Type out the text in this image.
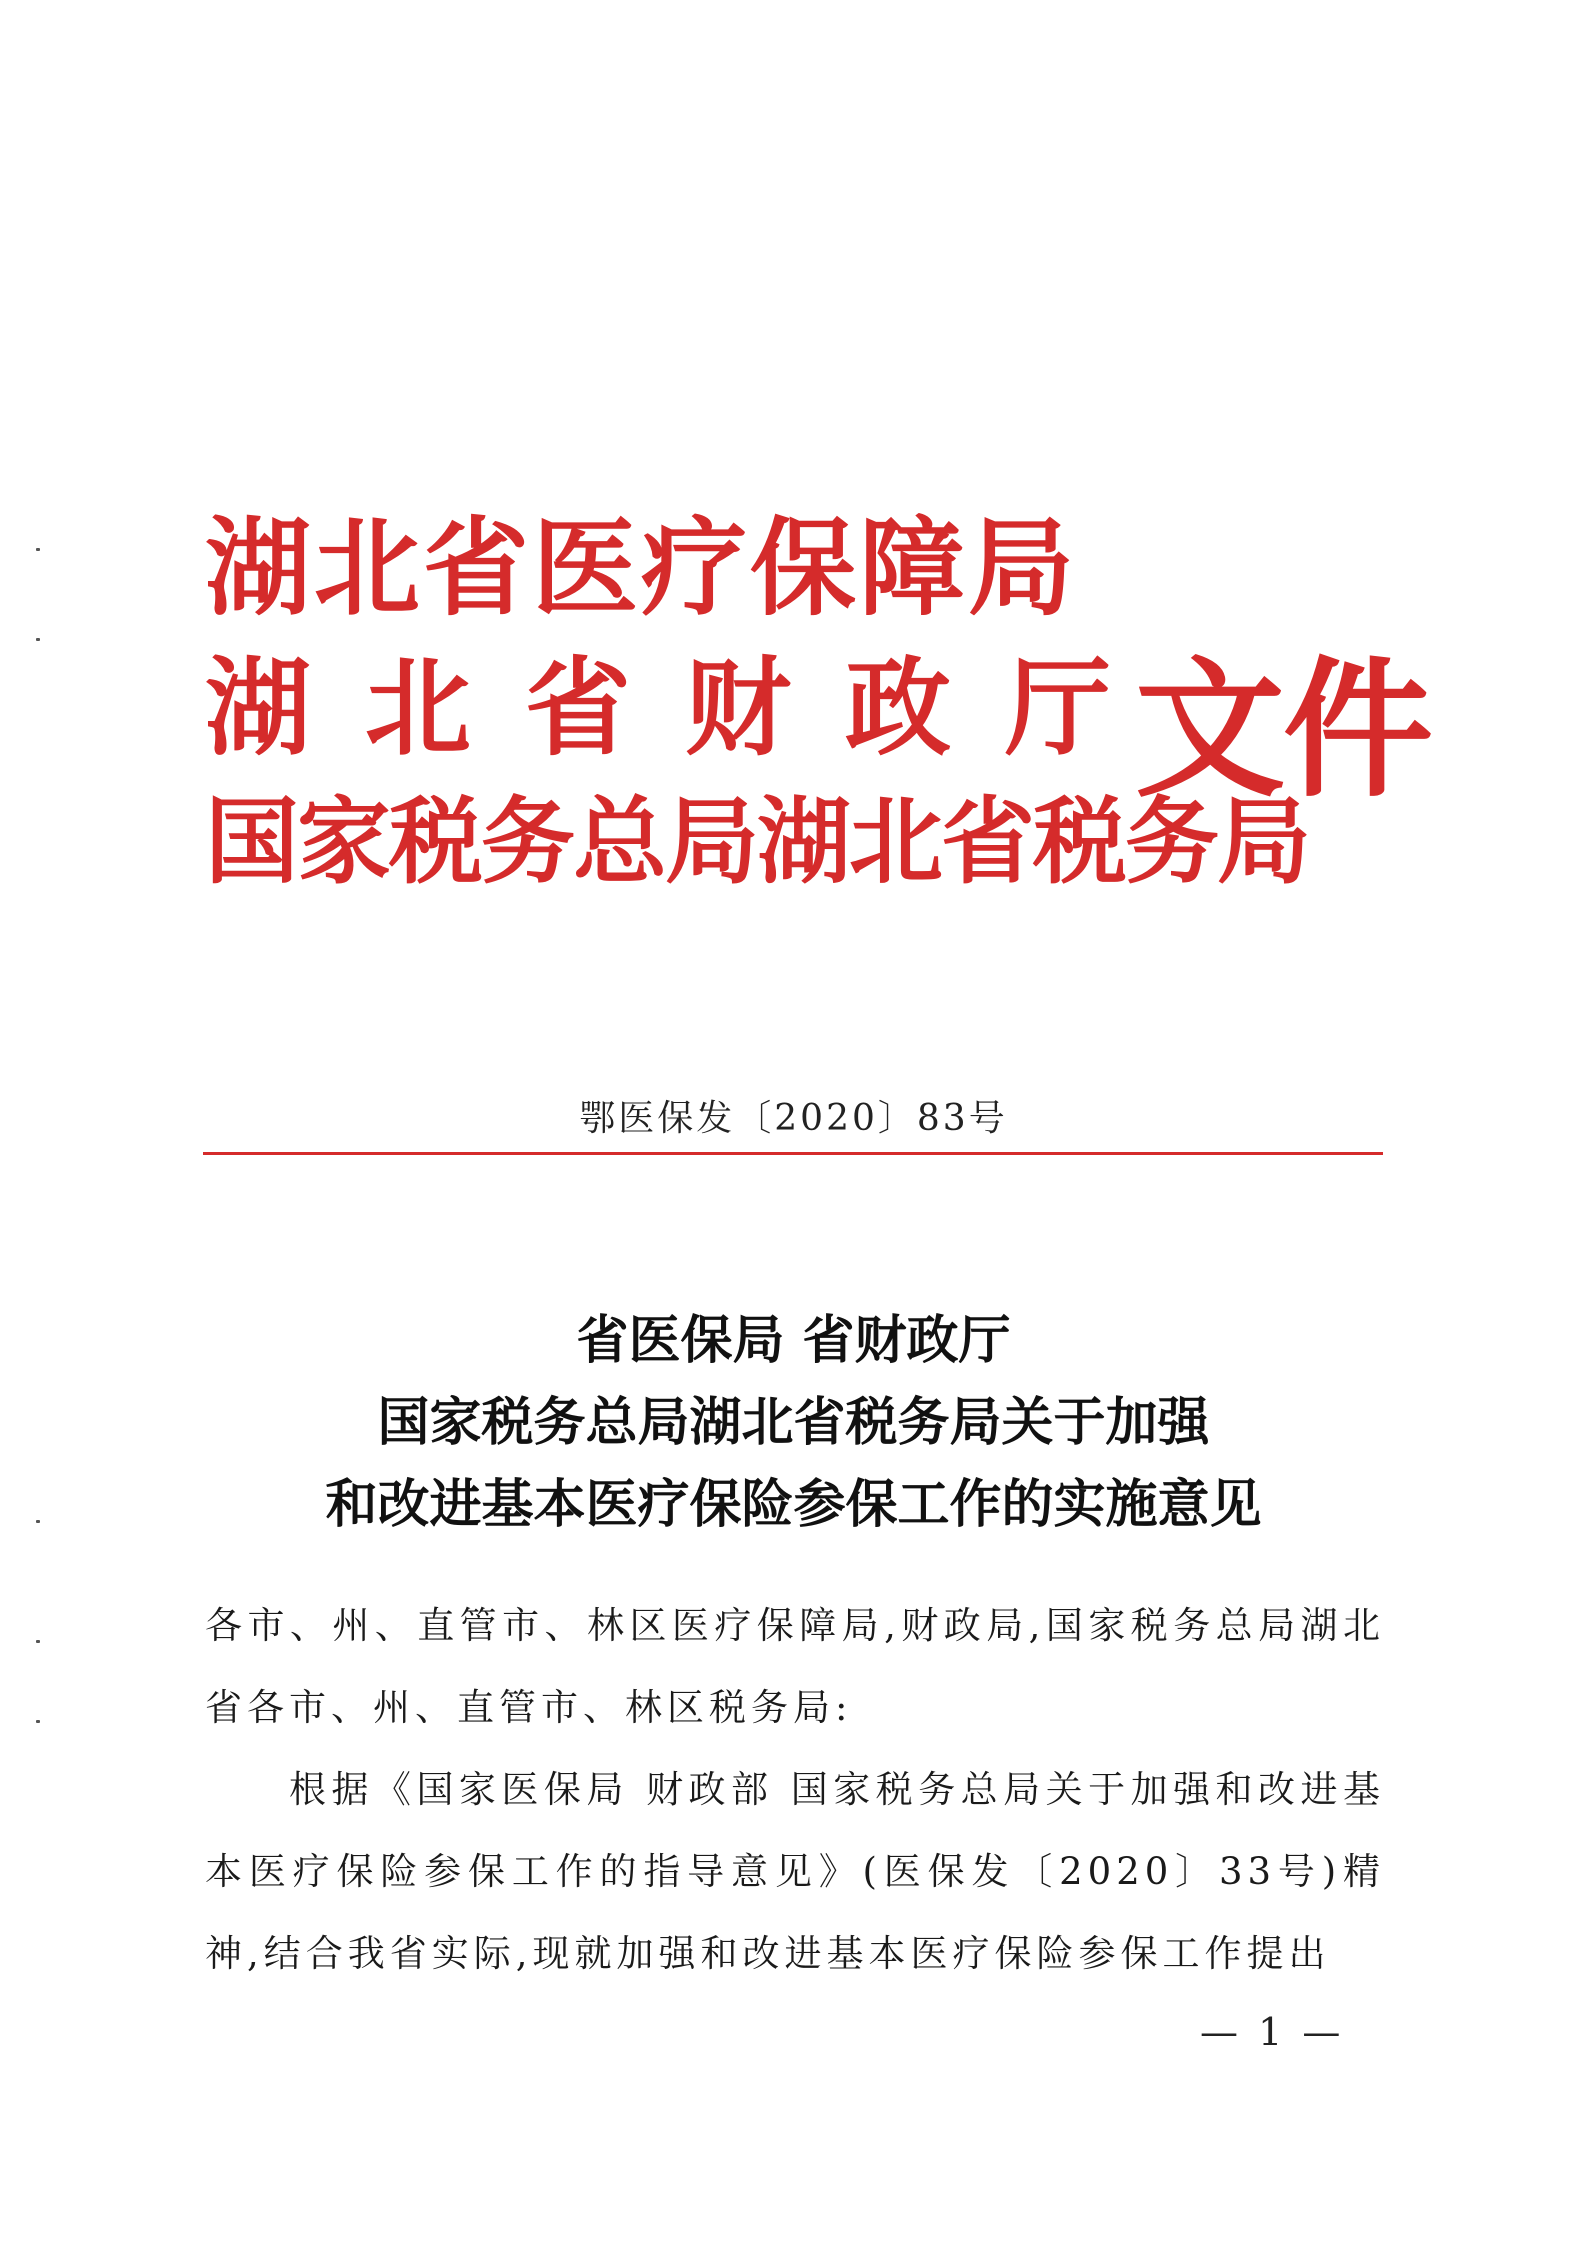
湖北省医疗保障局
湖北省财政厅
国家税务总局湖北省税务局
文件
鄂医保发〔2020〕83号
省医保局 省财政厅
国家税务总局湖北省税务局关于加强
和改进基本医疗保险参保工作的实施意见

各市、州、直管市、林区医疗保障局,财政局,国家税务总局湖北省各市、州、直管市、林区税务局:

根据《国家医保局 财政部 国家税务总局关于加强和改进基本医疗保险参保工作的指导意见》(医保发〔2020〕33号)精神,结合我省实际,现就加强和改进基本医疗保险参保工作提出

— 1 —
